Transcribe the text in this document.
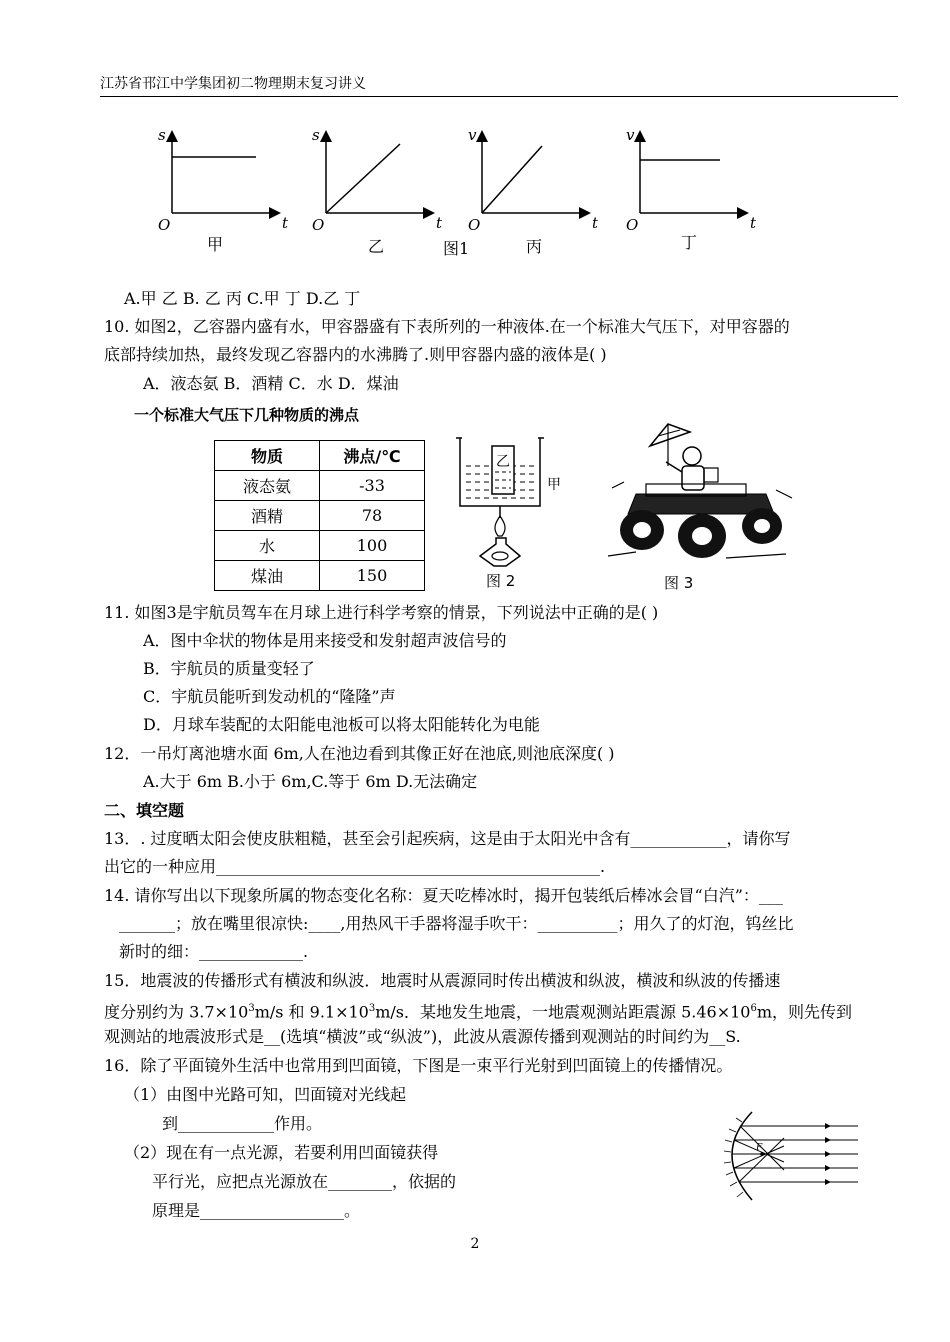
江苏省邗江中学集团初二物理期末复习讲义
s
t
O
s
t
O
v
t
O
v
t
O
甲	乙	图1	丙	丁
A.甲 乙 B. 乙 丙 C.甲 丁 D.乙 丁
10. 如图2，乙容器内盛有水，甲容器盛有下表所列的一种液体.在一个标准大气压下，对甲容器的
底部持续加热，最终发现乙容器内的水沸腾了.则甲容器内盛的液体是( )
A．液态氨 B．酒精 C．水 D．煤油
一个标准大气压下几种物质的沸点
物质	沸点/℃
液态氨	-33
酒精	78
水	100
煤油	150
乙
甲
图 2	图 3
11. 如图3是宇航员驾车在月球上进行科学考察的情景，下列说法中正确的是( )
A．图中伞状的物体是用来接受和发射超声波信号的
B．宇航员的质量变轻了
C．宇航员能听到发动机的“隆隆”声
D．月球车装配的太阳能电池板可以将太阳能转化为电能
12．一吊灯离池塘水面 6m,人在池边看到其像正好在池底,则池底深度( )
A.大于 6m B.小于 6m,C.等于 6m D.无法确定
二、填空题
13．. 过度晒太阳会使皮肤粗糙，甚至会引起疾病，这是由于太阳光中含有____________，请你写
出它的一种应用________________________________________________.
14. 请你写出以下现象所属的物态变化名称：夏天吃棒冰时，揭开包装纸后棒冰会冒“白汽”：___
_______；放在嘴里很凉快:____,用热风干手器将湿手吹干：__________；用久了的灯泡，钨丝比
新时的细：_____________.
15．地震波的传播形式有横波和纵波．地震时从震源同时传出横波和纵波，横波和纵波的传播速
度分别约为 $3.7\times 10^3m/s$ 和 $9.1\times 10^3m/s$．某地发生地震，一地震观测站距震源 $5.46\times 10^6m$，则先传到
观测站的地震波形式是__(选填“横波”或“纵波”)，此波从震源传播到观测站的时间约为__S.
16．除了平面镜外生活中也常用到凹面镜，下图是一束平行光射到凹面镜上的传播情况。
（1）由图中光路可知，凹面镜对光线起
到____________作用。
（2）现在有一点光源，若要利用凹面镜获得
平行光，应把点光源放在________，依据的
原理是__________________。
F
2
